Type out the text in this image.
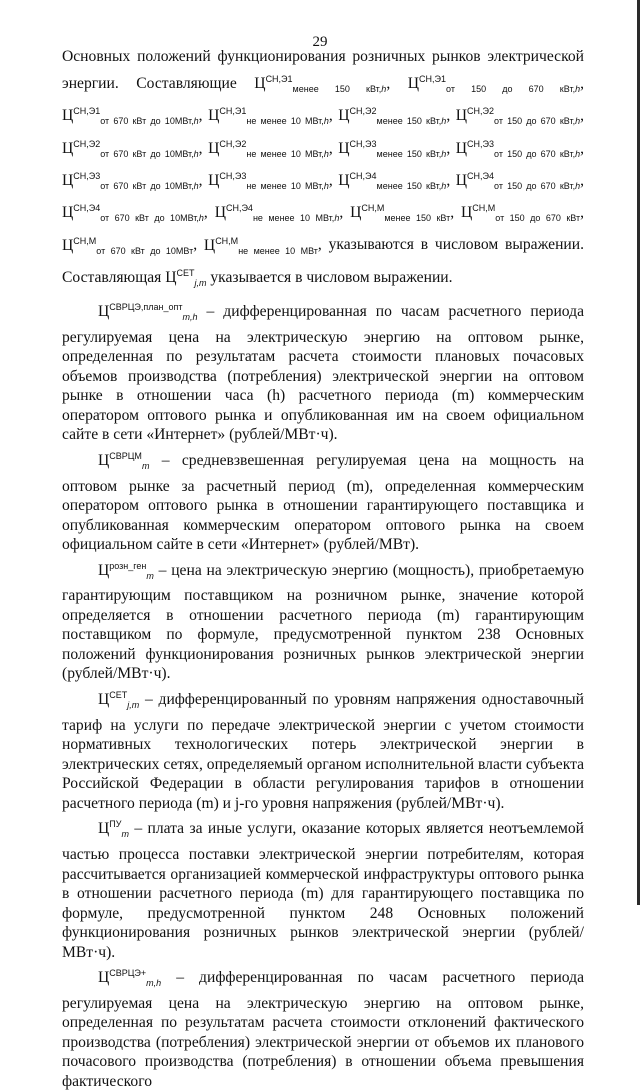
29

Основных положений функционирования розничных рынков электрической энергии. Составляющие $Ц^{СН,Э1}_{менее 150 кВт,h}$, $Ц^{СН,Э1}_{от 150 до 670 кВт,h}$, $Ц^{СН,Э1}_{от 670 кВт до 10МВт,h}$, $Ц^{СН,Э1}_{не менее 10 МВт,h}$, $Ц^{СН,Э2}_{менее 150 кВт,h}$, $Ц^{СН,Э2}_{от 150 до 670 кВт,h}$, $Ц^{СН,Э2}_{от 670 кВт до 10МВт,h}$, $Ц^{СН,Э2}_{не менее 10 МВт,h}$, $Ц^{СН,Э3}_{менее 150 кВт,h}$, $Ц^{СН,Э3}_{от 150 до 670 кВт,h}$, $Ц^{СН,Э3}_{от 670 кВт до 10МВт,h}$, $Ц^{СН,Э3}_{не менее 10 МВт,h}$, $Ц^{СН,Э4}_{менее 150 кВт,h}$, $Ц^{СН,Э4}_{от 150 до 670 кВт,h}$, $Ц^{СН,Э4}_{от 670 кВт до 10МВт,h}$, $Ц^{СН,Э4}_{не менее 10 МВт,h}$, $Ц^{СН,М}_{менее 150 кВт}$, $Ц^{СН,М}_{от 150 до 670 кВт}$, $Ц^{СН,М}_{от 670 кВт до 10МВт}$, $Ц^{СН,М}_{не менее 10 МВт}$, указываются в числовом выражении. Составляющая $Ц^{СЕТ}_{j,m}$ указывается в числовом выражении.

$Ц^{СВРЦЭ,план\_опт}_{m,h}$ – дифференцированная по часам расчетного периода регулируемая цена на электрическую энергию на оптовом рынке, определенная по результатам расчета стоимости плановых почасовых объемов производства (потребления) электрической энергии на оптовом рынке в отношении часа (h) расчетного периода (m) коммерческим оператором оптового рынка и опубликованная им на своем официальном сайте в сети «Интернет» (рублей/МВт·ч).

$Ц^{СВРЦМ}_m$ – средневзвешенная регулируемая цена на мощность на оптовом рынке за расчетный период (m), определенная коммерческим оператором оптового рынка в отношении гарантирующего поставщика и опубликованная коммерческим оператором оптового рынка на своем официальном сайте в сети «Интернет» (рублей/МВт).

$Ц^{розн\_ген}_m$ – цена на электрическую энергию (мощность), приобретаемую гарантирующим поставщиком на розничном рынке, значение которой определяется в отношении расчетного периода (m) гарантирующим поставщиком по формуле, предусмотренной пунктом 238 Основных положений функционирования розничных рынков электрической энергии (рублей/МВт·ч).

$Ц^{СЕТ}_{j,m}$ – дифференцированный по уровням напряжения одноставочный тариф на услуги по передаче электрической энергии с учетом стоимости нормативных технологических потерь электрической энергии в электрических сетях, определяемый органом исполнительной власти субъекта Российской Федерации в области регулирования тарифов в отношении расчетного периода (m) и j-го уровня напряжения (рублей/МВт·ч).

$Ц^{ПУ}_m$ – плата за иные услуги, оказание которых является неотъемлемой частью процесса поставки электрической энергии потребителям, которая рассчитывается организацией коммерческой инфраструктуры оптового рынка в отношении расчетного периода (m) для гарантирующего поставщика по формуле, предусмотренной пунктом 248 Основных положений функционирования розничных рынков электрической энергии (рублей/МВт·ч).

$Ц^{СВРЦЭ+}_{m,h}$ – дифференцированная по часам расчетного периода регулируемая цена на электрическую энергию на оптовом рынке, определенная по результатам расчета стоимости отклонений фактического производства (потребления) электрической энергии от объемов их планового почасового производства (потребления) в отношении объема превышения фактического
